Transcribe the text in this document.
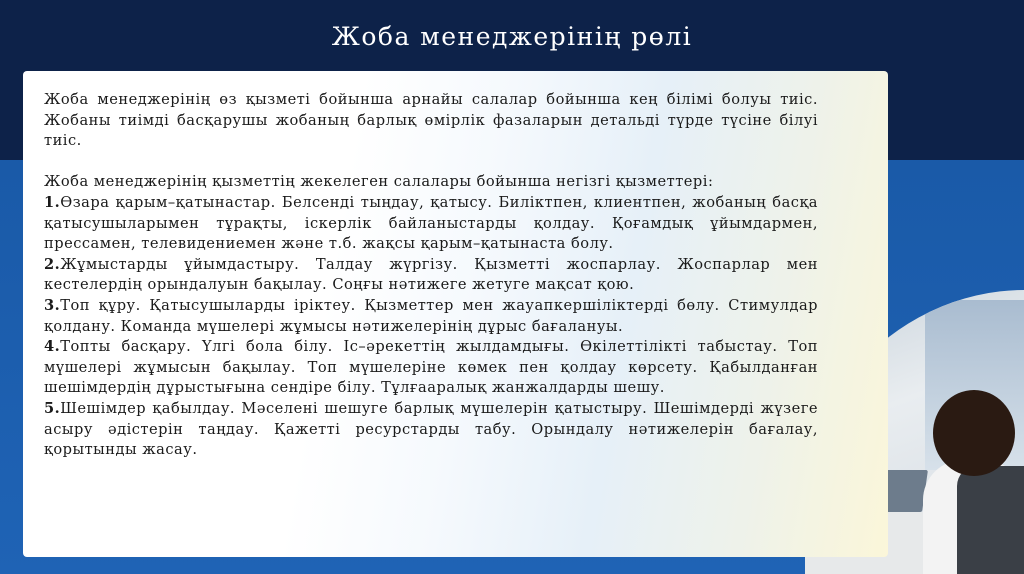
Жоба менеджерінің рөлі

Жоба менеджерінің өз қызметі бойынша арнайы салалар бойынша кең білімі болуы тиіс. Жобаны тиімді басқарушы жобаның барлық өмірлік фазаларын детальді түрде түсіне білуі тиіс.

Жоба менеджерінің қызметтің жекелеген салалары бойынша негізгі қызметтері:

1.Өзара қарым–қатынастар. Белсенді тыңдау, қатысу. Биліктпен, клиентпен, жобаның басқа қатысушыларымен тұрақты, іскерлік байланыстарды қолдау. Қоғамдық ұйымдармен, прессамен, телевидениемен және т.б. жақсы қарым–қатынаста болу.

2.Жұмыстарды ұйымдастыру. Талдау жүргізу. Қызметті жоспарлау. Жоспарлар мен кестелердің орындалуын бақылау. Соңғы нәтижеге жетуге мақсат қою.

3.Топ құру. Қатысушыларды іріктеу. Қызметтер мен жауапкершіліктерді бөлу. Стимулдар қолдану. Команда мүшелері жұмысы нәтижелерінің дұрыс бағалануы.

4.Топты басқару. Үлгі бола білу. Іс–әрекеттің жылдамдығы. Өкілеттілікті табыстау. Топ мүшелері жұмысын бақылау. Топ мүшелеріне көмек пен қолдау көрсету. Қабылданған шешімдердің дұрыстығына сендіре білу. Тұлғааралық жанжалдарды шешу.

5.Шешімдер қабылдау. Мәселені шешуге барлық мүшелерін қатыстыру. Шешімдерді жүзеге асыру әдістерін таңдау. Қажетті ресурстарды табу. Орындалу нәтижелерін бағалау, қорытынды жасау.
